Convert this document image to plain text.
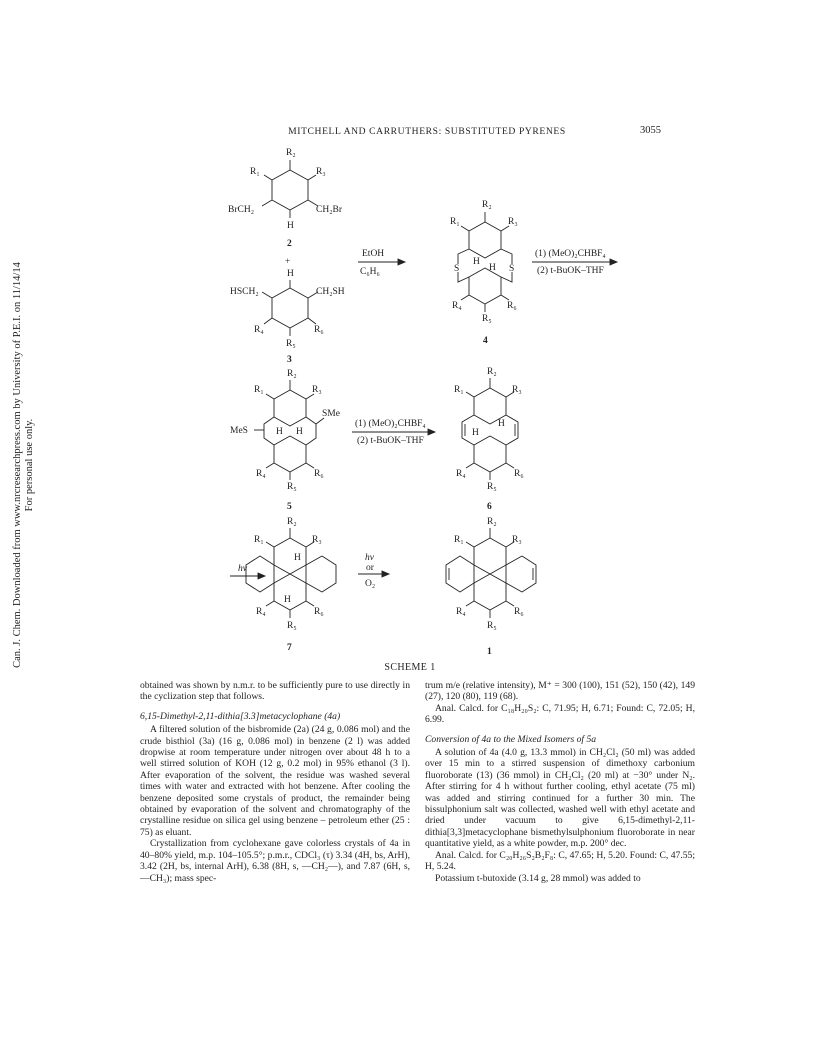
MITCHELL AND CARRUTHERS: SUBSTITUTED PYRENES	3055
Can. J. Chem. Downloaded from www.nrcresearchpress.com by University of P.E.I. on 11/14/14 For personal use only.
R₂
R₁	R₃
BrCH₂	CH₂Br
H
2
+
H
HSCH₂	CH₂SH
R₄	R₆
R₅
3
EtOH
C₆H₆
R₂
R₁	R₃
S	S
H
H
R₄	R₆
R₅
4
(1) (MeO)₂CHBF₄
(2) t-BuOK–THF
R₂
R₁	R₃
SMe
MeS	H H
R₄	R₆
R₅
5
(1) (MeO)₂CHBF₄
(2) t-BuOK–THF
R₂
R₁	R₃
H
H
R₄	R₆
R₅
6
hν
R₂
R₁	R₃
H
H
R₄	R₆
R₅
7
hν
or
O₂
R₂
R₁	R₃
R₄	R₆
R₅
1
SCHEME 1

obtained was shown by n.m.r. to be sufficiently pure to use directly in the cyclization step that follows.

6,15-Dimethyl-2,11-dithia[3.3]metacyclophane (4a)

A filtered solution of the bisbromide (2a) (24 g, 0.086 mol) and the crude bisthiol (3a) (16 g, 0.086 mol) in benzene (2 l) was added dropwise at room temperature under nitrogen over about 48 h to a well stirred solution of KOH (12 g, 0.2 mol) in 95% ethanol (3 l). After evaporation of the solvent, the residue was washed several times with water and extracted with hot benzene. After cooling the benzene deposited some crystals of product, the remainder being obtained by evaporation of the solvent and chromatography of the crystalline residue on silica gel using benzene – petroleum ether (25 : 75) as eluant.

Crystallization from cyclohexane gave colorless crystals of 4a in 40–80% yield, m.p. 104–105.5°; p.m.r., CDCl₃ (τ) 3.34 (4H, bs, ArH), 3.42 (2H, bs, internal ArH), 6.38 (8H, s, —CH₂—), and 7.87 (6H, s, —CH₃); mass spec-

trum m/e (relative intensity), M⁺ = 300 (100), 151 (52), 150 (42), 149 (27), 120 (80), 119 (68).

Anal. Calcd. for C₁₈H₂₀S₂: C, 71.95; H, 6.71; Found: C, 72.05; H, 6.99.

Conversion of 4a to the Mixed Isomers of 5a

A solution of 4a (4.0 g, 13.3 mmol) in CH₂Cl₂ (50 ml) was added over 15 min to a stirred suspension of dimethoxy carbonium fluoroborate (13) (36 mmol) in CH₂Cl₂ (20 ml) at −30° under N₂. After stirring for 4 h without further cooling, ethyl acetate (75 ml) was added and stirring continued for a further 30 min. The bissulphonium salt was collected, washed well with ethyl acetate and dried under vacuum to give 6,15-dimethyl-2,11-dithia[3,3]metacyclophane bismethylsulphonium fluoroborate in near quantitative yield, as a white powder, m.p. 200° dec.

Anal. Calcd. for C₂₀H₂₆S₂B₂F₈: C, 47.65; H, 5.20. Found: C, 47.55; H, 5.24.

Potassium t-butoxide (3.14 g, 28 mmol) was added to
